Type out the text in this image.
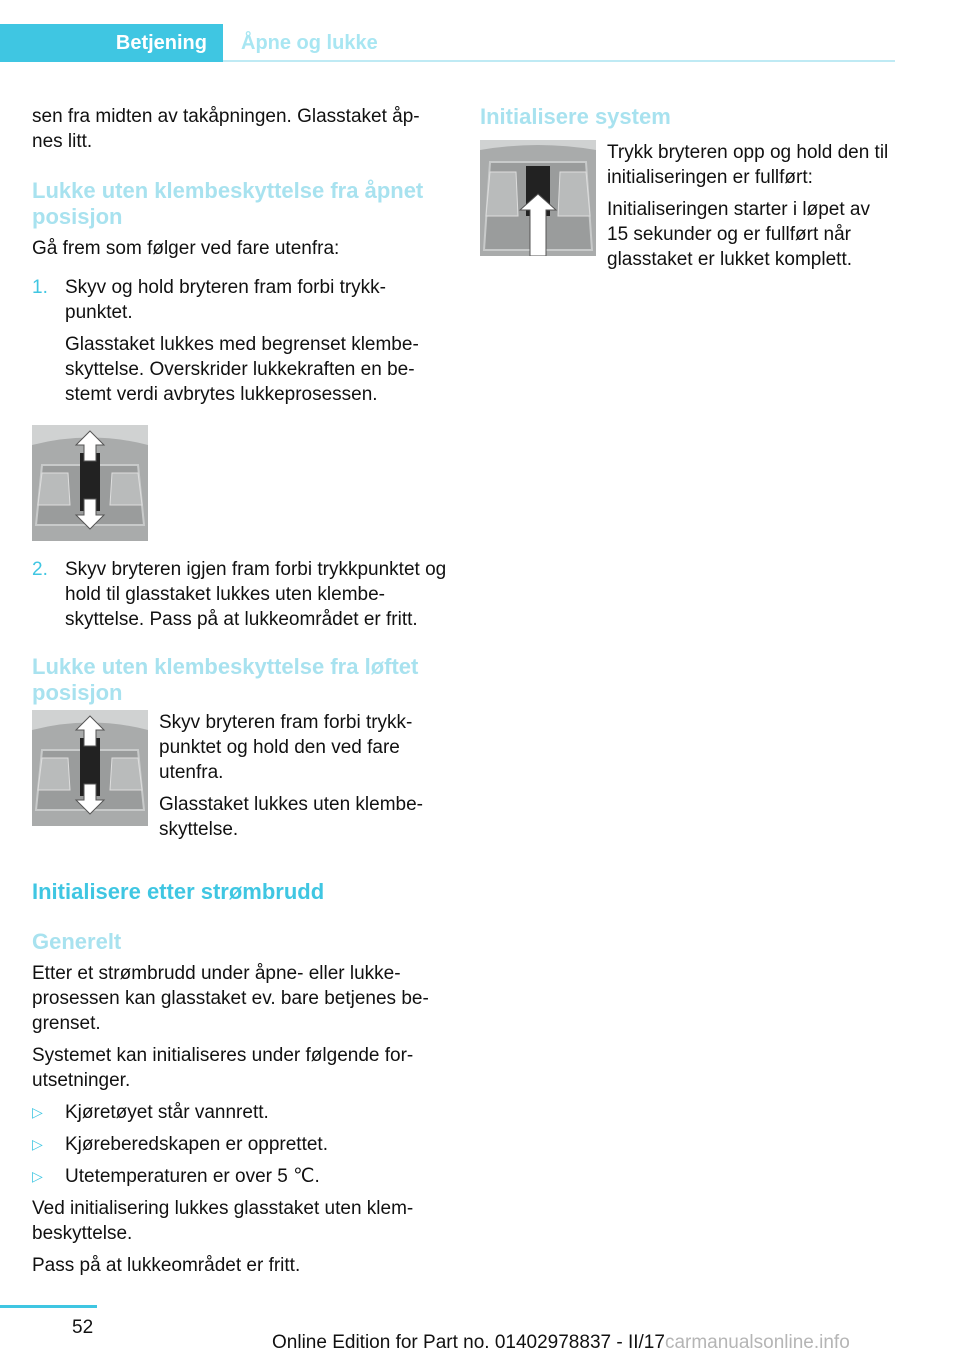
Betjening	Åpne og lukke

sen fra midten av takåpningen. Glasstaket åp-nes litt.

Lukke uten klembeskyttelse fra åpnet posisjon

Gå frem som følger ved fare utenfra:

1. Skyv og hold bryteren fram forbi trykk-punktet.

Glasstaket lukkes med begrenset klembe-skyttelse. Overskrider lukkekraften en be-stemt verdi avbrytes lukkeprosessen.

2. Skyv bryteren igjen fram forbi trykkpunktet og hold til glasstaket lukkes uten klembe-skyttelse. Pass på at lukkeområdet er fritt.

Lukke uten klembeskyttelse fra løftet posisjon

Skyv bryteren fram forbi trykk-punktet og hold den ved fare utenfra.

Glasstaket lukkes uten klembe-skyttelse.

Initialisere etter strømbrudd
Generelt

Etter et strømbrudd under åpne- eller lukke-prosessen kan glasstaket ev. bare betjenes be-grenset.

Systemet kan initialiseres under følgende for-utsetninger.

▷ Kjøretøyet står vannrett.
▷ Kjøreberedskapen er opprettet.
▷ Utetemperaturen er over 5 ℃.

Ved initialisering lukkes glasstaket uten klem-beskyttelse.

Pass på at lukkeområdet er fritt.

Initialisere system

Trykk bryteren opp og hold den til initialiseringen er fullført:

Initialiseringen starter i løpet av 15 sekunder og er fullført når glasstaket er lukket komplett.

52
Online Edition for Part no. 01402978837 - II/17carmanualsonline.info
